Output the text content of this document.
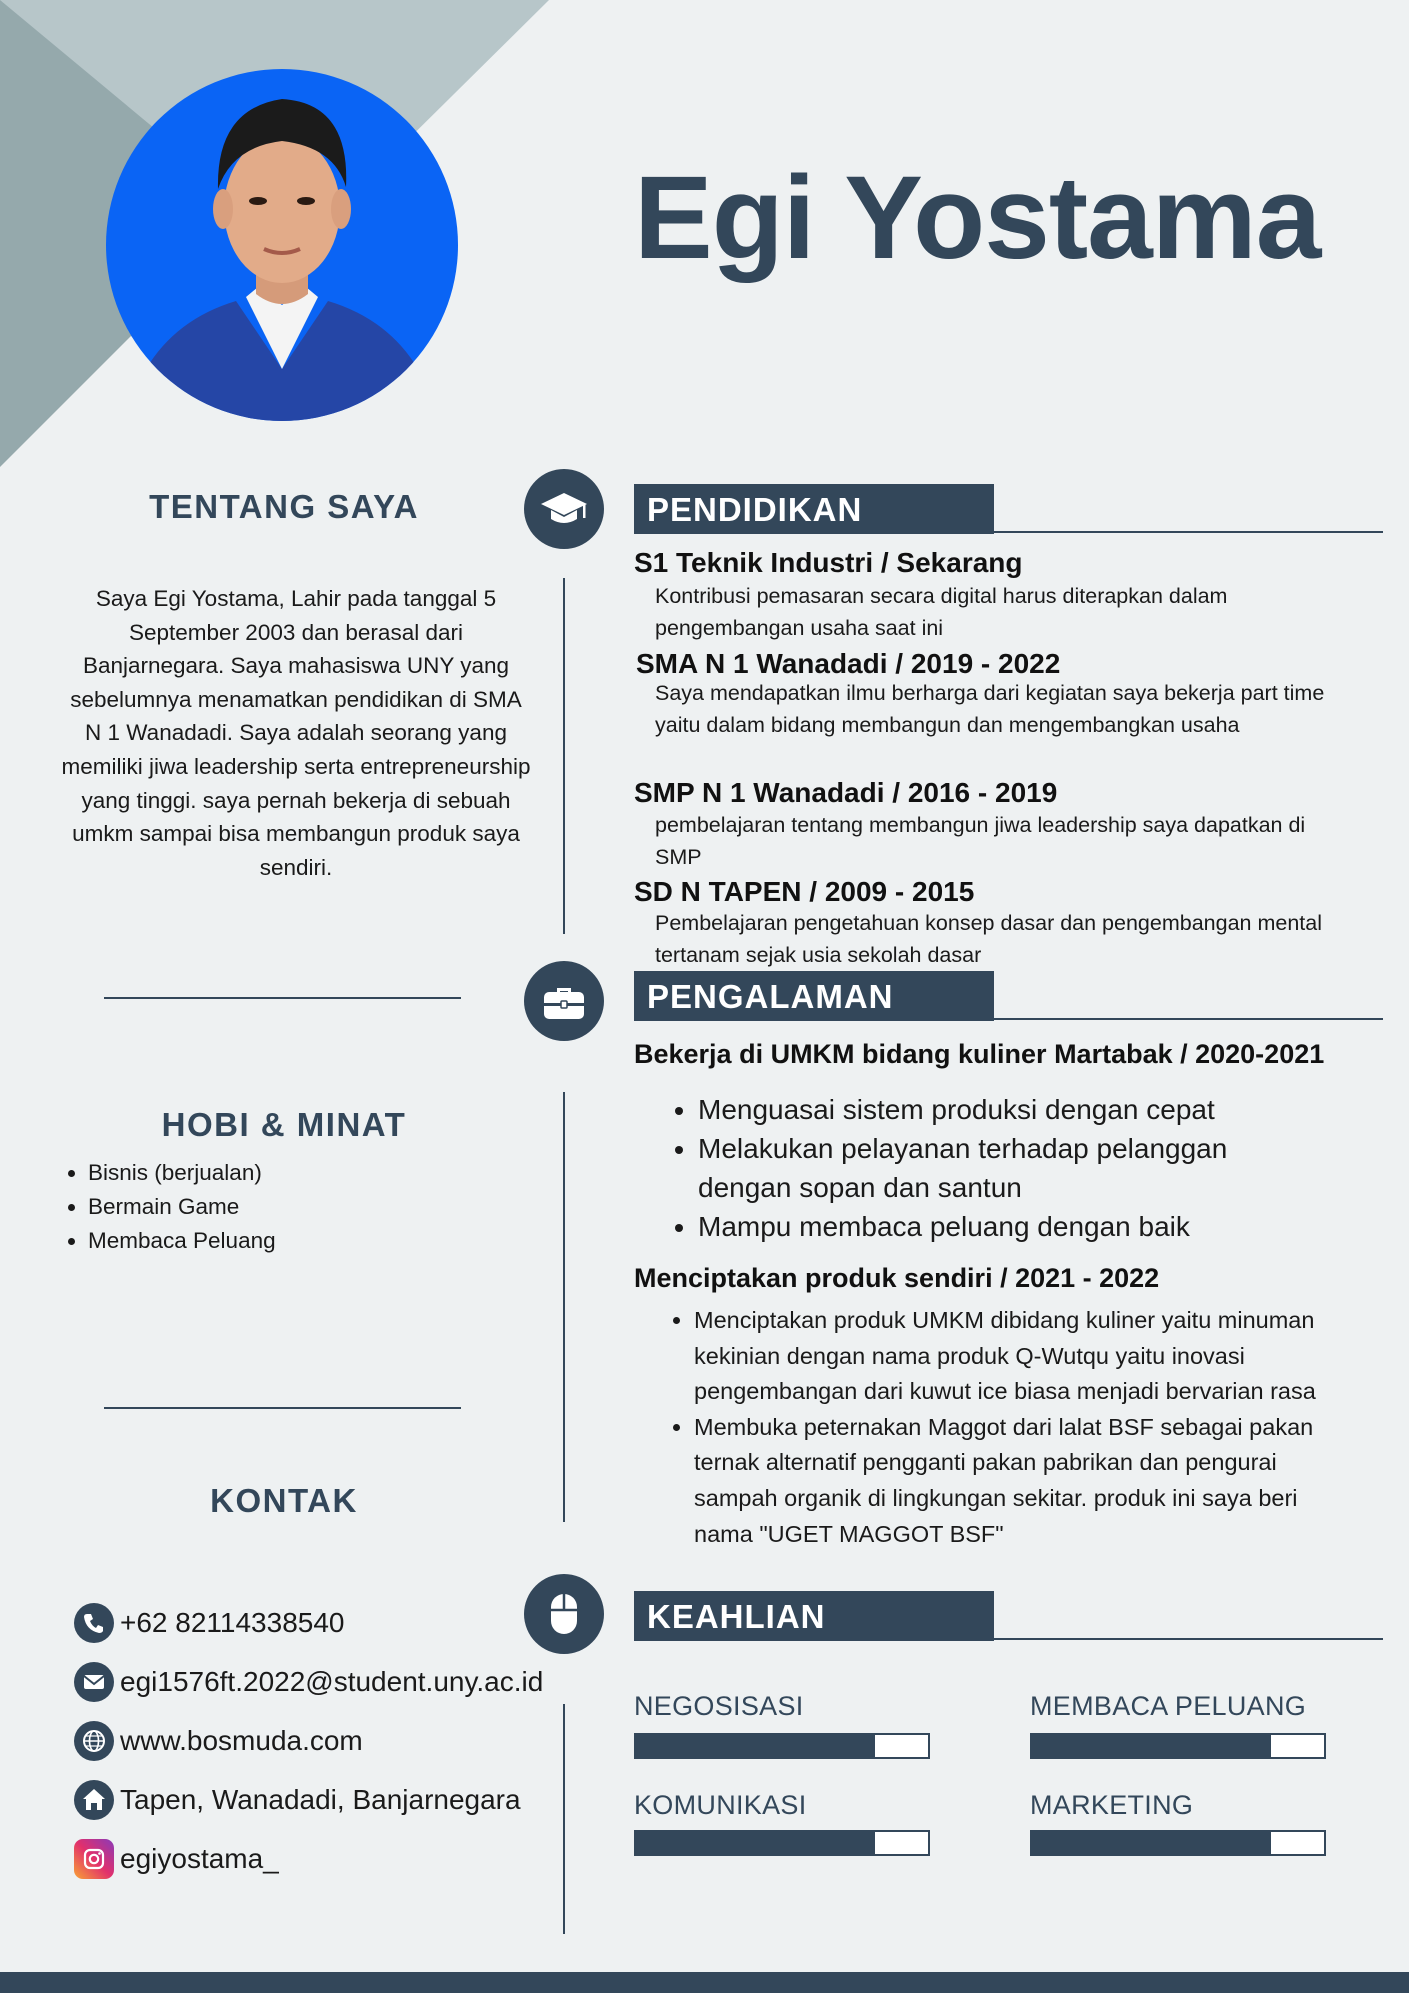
Egi Yostama
TENTANG SAYA
Saya Egi Yostama, Lahir pada tanggal 5 September 2003 dan berasal dari Banjarnegara. Saya mahasiswa UNY yang sebelumnya menamatkan pendidikan di SMA N 1 Wanadadi. Saya adalah seorang yang memiliki jiwa leadership serta entrepreneurship yang tinggi. saya pernah bekerja di sebuah umkm sampai bisa membangun produk saya sendiri.
HOBI & MINAT
• Bisnis (berjualan)
• Bermain Game
• Membaca Peluang
KONTAK
+62 82114338540
egi1576ft.2022@student.uny.ac.id
www.bosmuda.com
Tapen, Wanadadi, Banjarnegara
egiyostama_
PENDIDIKAN
S1 Teknik Industri / Sekarang
Kontribusi pemasaran secara digital harus diterapkan dalam pengembangan usaha saat ini
SMA N 1 Wanadadi / 2019 - 2022
Saya mendapatkan ilmu berharga dari kegiatan saya bekerja part time yaitu dalam bidang membangun dan mengembangkan usaha
SMP N 1 Wanadadi / 2016 - 2019
pembelajaran tentang membangun jiwa leadership saya dapatkan di SMP
SD N TAPEN / 2009 - 2015
Pembelajaran pengetahuan konsep dasar dan pengembangan mental tertanam sejak usia sekolah dasar
PENGALAMAN
Bekerja di UMKM bidang kuliner Martabak / 2020-2021
• Menguasai sistem produksi dengan cepat
• Melakukan pelayanan terhadap pelanggan dengan sopan dan santun
• Mampu membaca peluang dengan baik
Menciptakan produk sendiri / 2021 - 2022
• Menciptakan produk UMKM dibidang kuliner yaitu minuman kekinian dengan nama produk Q-Wutqu yaitu inovasi pengembangan dari kuwut ice biasa menjadi bervarian rasa
• Membuka peternakan Maggot dari lalat BSF sebagai pakan ternak alternatif pengganti pakan pabrikan dan pengurai sampah organik di lingkungan sekitar. produk ini saya beri nama "UGET MAGGOT BSF"
KEAHLIAN
NEGOSISASI	MEMBACA PELUANG
KOMUNIKASI	MARKETING
